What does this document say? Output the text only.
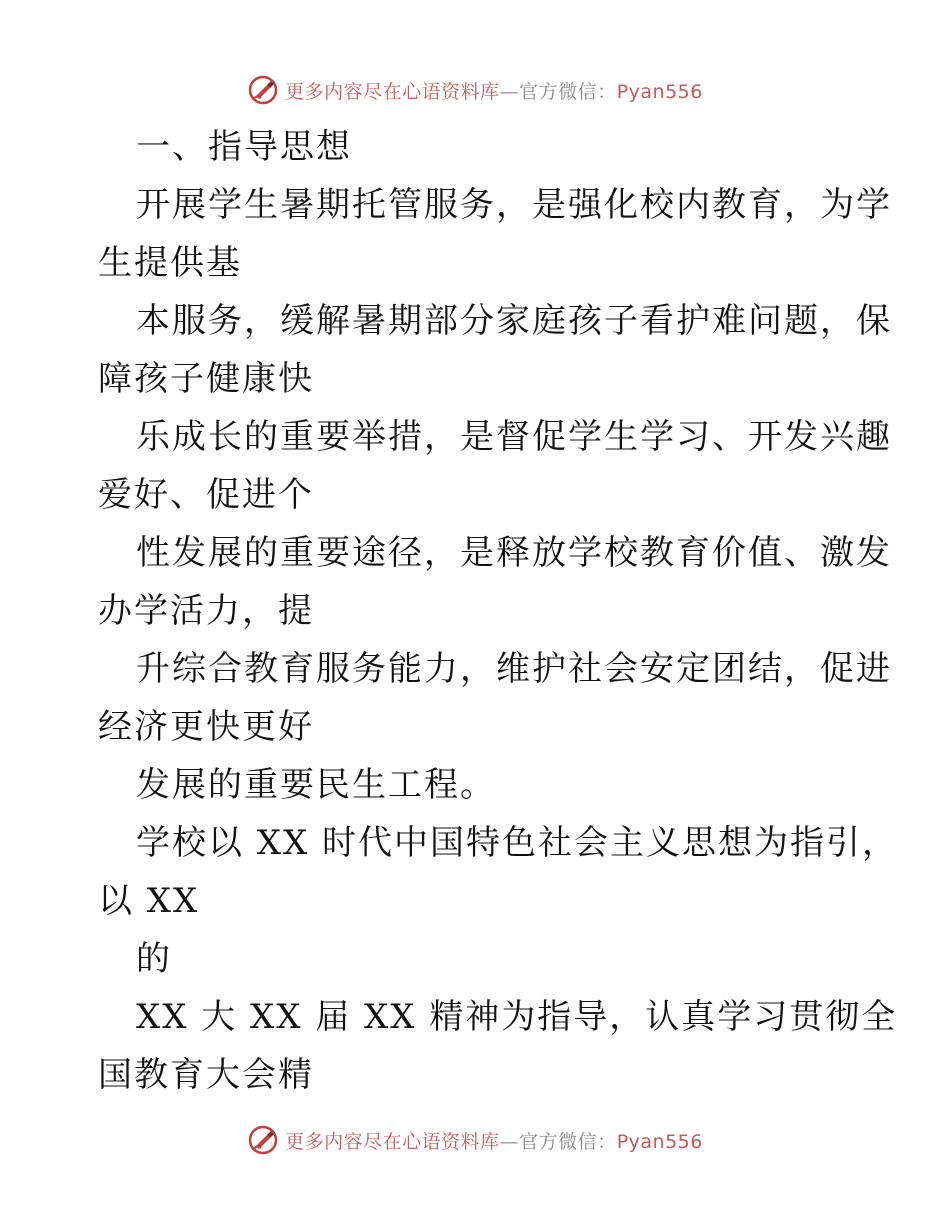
更多内容尽在心语资料库—官方微信：Pyan556
一、指导思想
开展学生暑期托管服务，是强化校内教育，为学
生提供基
本服务，缓解暑期部分家庭孩子看护难问题，保
障孩子健康快
乐成长的重要举措，是督促学生学习、开发兴趣
爱好、促进个
性发展的重要途径，是释放学校教育价值、激发
办学活力，提
升综合教育服务能力，维护社会安定团结，促进
经济更快更好
发展的重要民生工程。
学校以 XX 时代中国特色社会主义思想为指引，
以 XX
的
XX 大 XX 届 XX 精神为指导，认真学习贯彻全
国教育大会精
更多内容尽在心语资料库—官方微信：Pyan556
